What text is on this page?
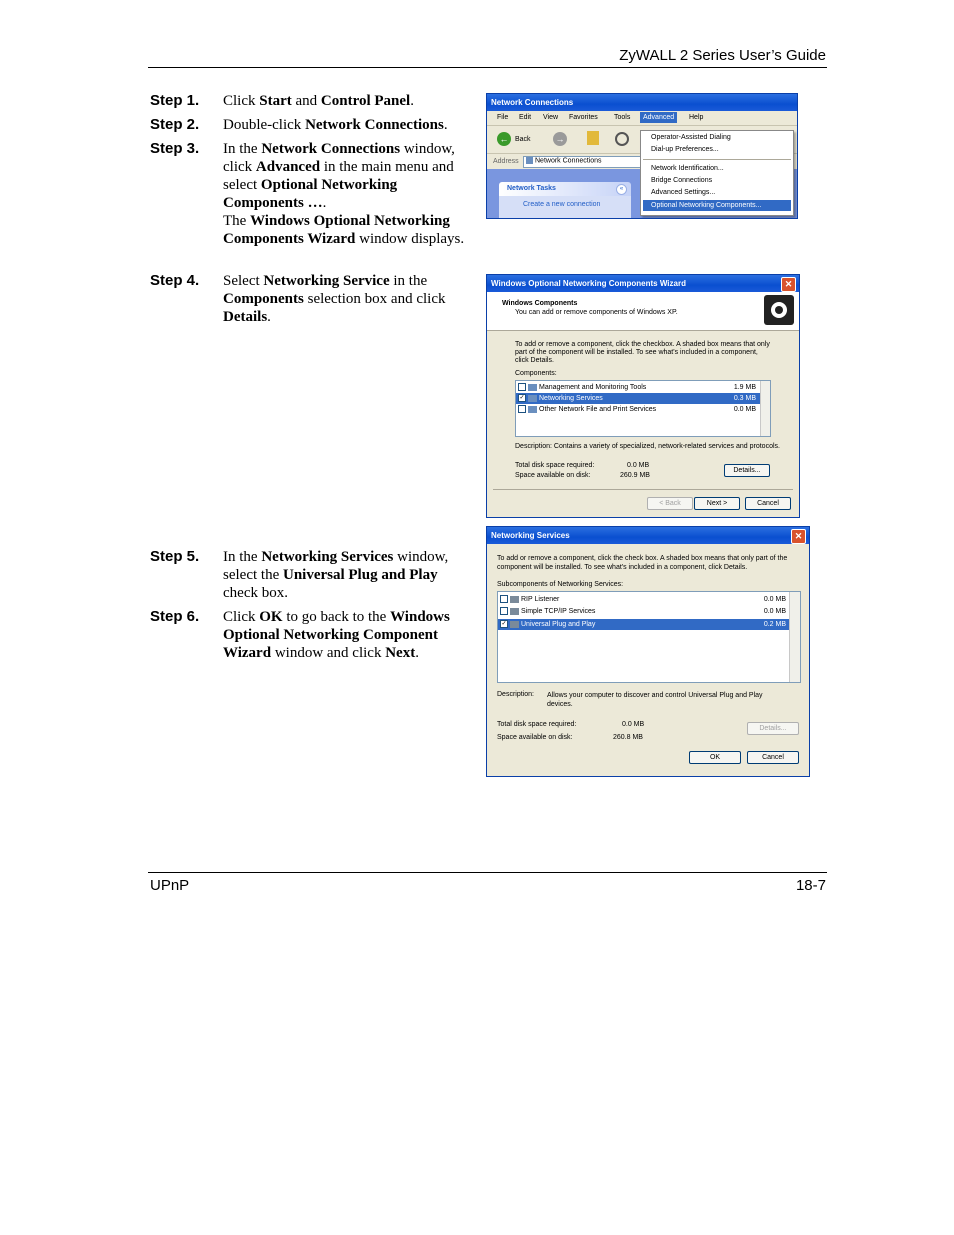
ZyWALL 2 Series User’s Guide
UPnP	18-7
Step 1. Click Start and Control Panel.
Step 2. Double-click Network Connections.
Step 3. In the Network Connections window, click Advanced in the main menu and select Optional Networking Components ….
The Windows Optional Networking Components Wizard window displays.
Step 4. Select Networking Service in the Components selection box and click Details.
Step 5. In the Networking Services window, select the Universal Plug and Play check box.
Step 6. Click OK to go back to the Windows Optional Networking Component Wizard window and click Next.
Network Connections
File Edit View Favorites Tools	Advanced	Help
← Back	→
Address	Network Connections
Network Tasks	«
Create a new connection
Operator-Assisted Dialing
Dial-up Preferences...
Network Identification...
Bridge Connections
Advanced Settings...
Optional Networking Components...
Windows Optional Networking Components Wizard	✕
Windows Components
You can add or remove components of Windows XP.
To add or remove a component, click the checkbox. A shaded box means that only part of the component will be installed. To see what's included in a component, click Details.
Components:
Management and Monitoring Tools	1.9 MB
✓ Networking Services	0.3 MB
Other Network File and Print Services	0.0 MB
Description: Contains a variety of specialized, network-related services and protocols.
Total disk space required:	0.0 MB
Space available on disk:	260.9 MB
Details...
< Back	Next >	Cancel
Networking Services	✕
To add or remove a component, click the check box. A shaded box means that only part of the component will be installed. To see what's included in a component, click Details.
Subcomponents of Networking Services:
RIP Listener	0.0 MB
Simple TCP/IP Services	0.0 MB
✓ Universal Plug and Play	0.2 MB
Description: Allows your computer to discover and control Universal Plug and Play devices.
Total disk space required:	0.0 MB
Space available on disk:	260.8 MB
Details...
OK	Cancel
